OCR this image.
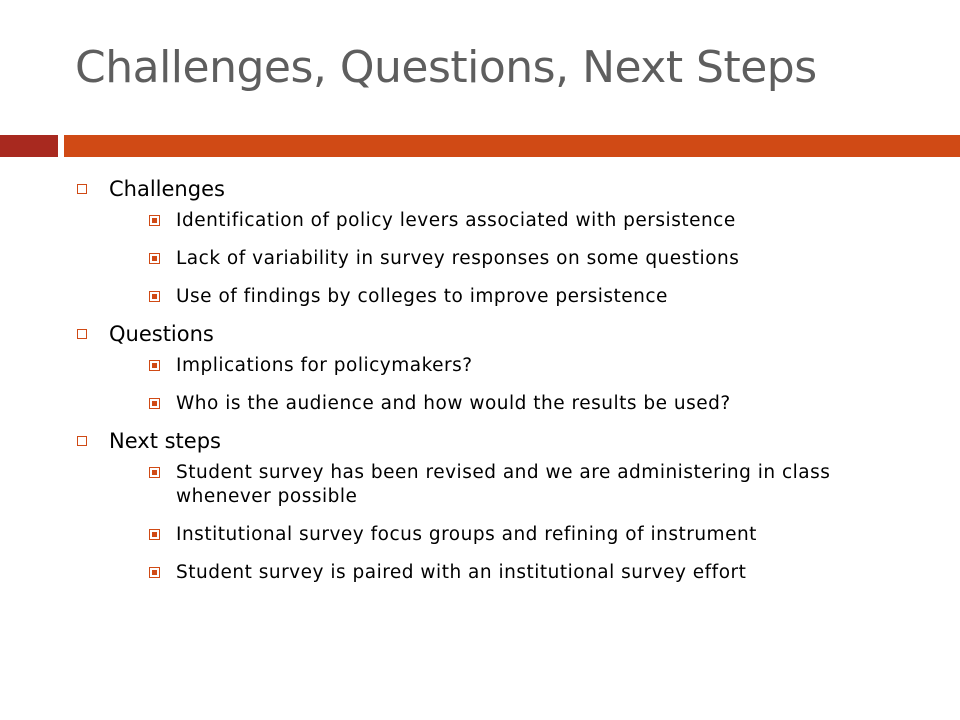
Challenges, Questions, Next Steps
Challenges
Identification of policy levers associated with persistence
Lack of variability in survey responses on some questions
Use of findings by colleges to improve persistence
Questions
Implications for policymakers?
Who is the audience and how would the results be used?
Next steps
Student survey has been revised and we are administering in class whenever possible
Institutional survey focus groups and refining of instrument
Student survey is paired with an institutional survey effort
